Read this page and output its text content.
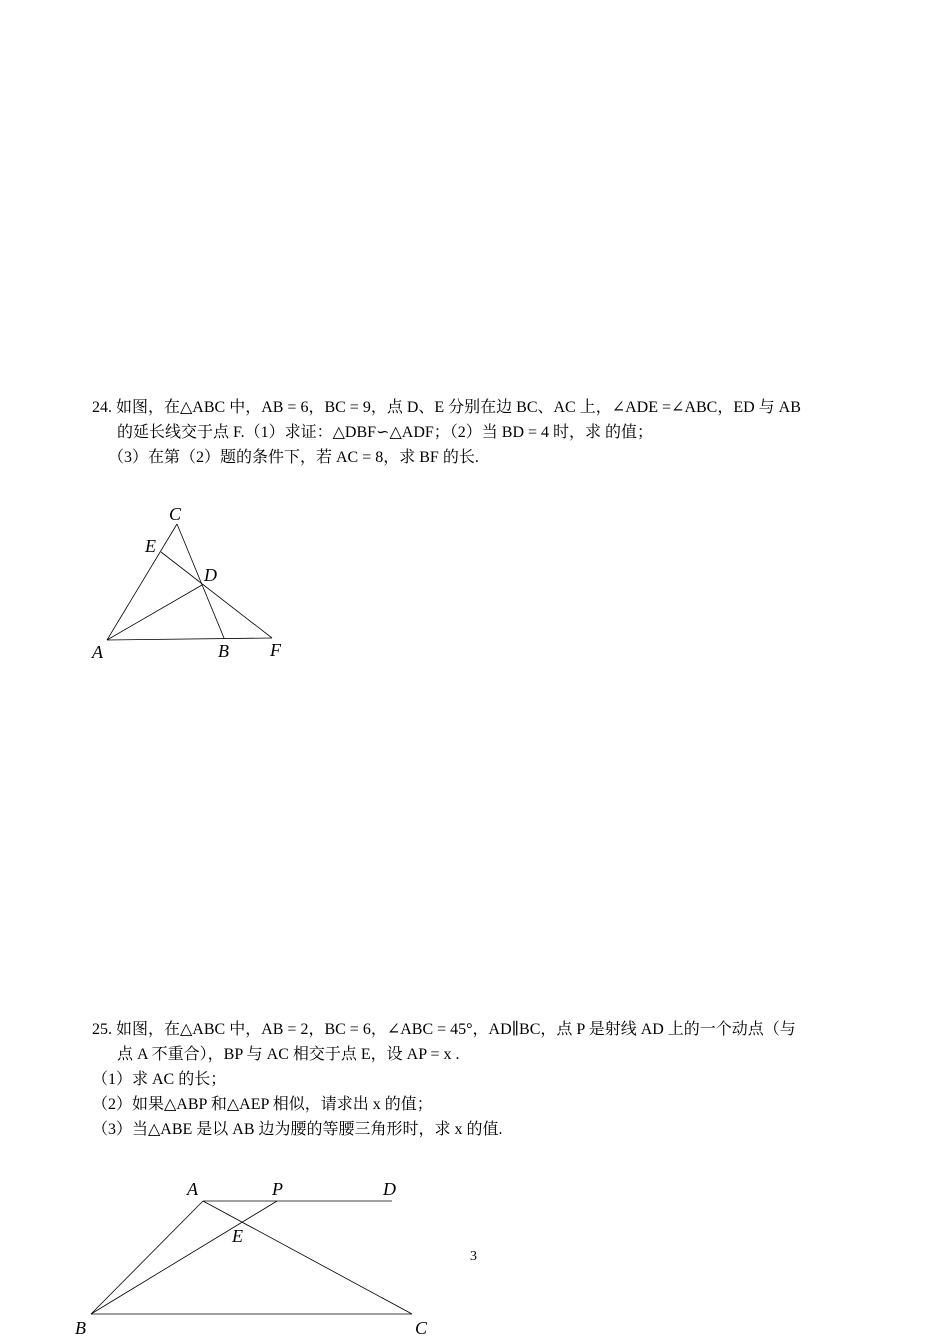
24. 如图，在△ABC 中，AB = 6，BC = 9，点 D、E 分别在边 BC、AC 上，∠ADE =∠ABC，ED 与 AB
的延长线交于点 F.（1）求证：△DBF∽△ADF；（2）当 BD = 4 时，求 的值；
（3）在第（2）题的条件下，若 AC = 8，求 BF 的长.
C
E
D
A	B F
25. 如图，在△ABC 中，AB = 2，BC = 6，∠ABC = 45°，AD∥BC，点 P 是射线 AD 上的一个动点（与
点 A 不重合），BP 与 AC 相交于点 E，设 AP = x .
（1）求 AC 的长；
（2）如果△ABP 和△AEP 相似，请求出 x 的值；
（3）当△ABE 是以 AB 边为腰的等腰三角形时，求 x 的值.
A	P	D
E
B	C
3
